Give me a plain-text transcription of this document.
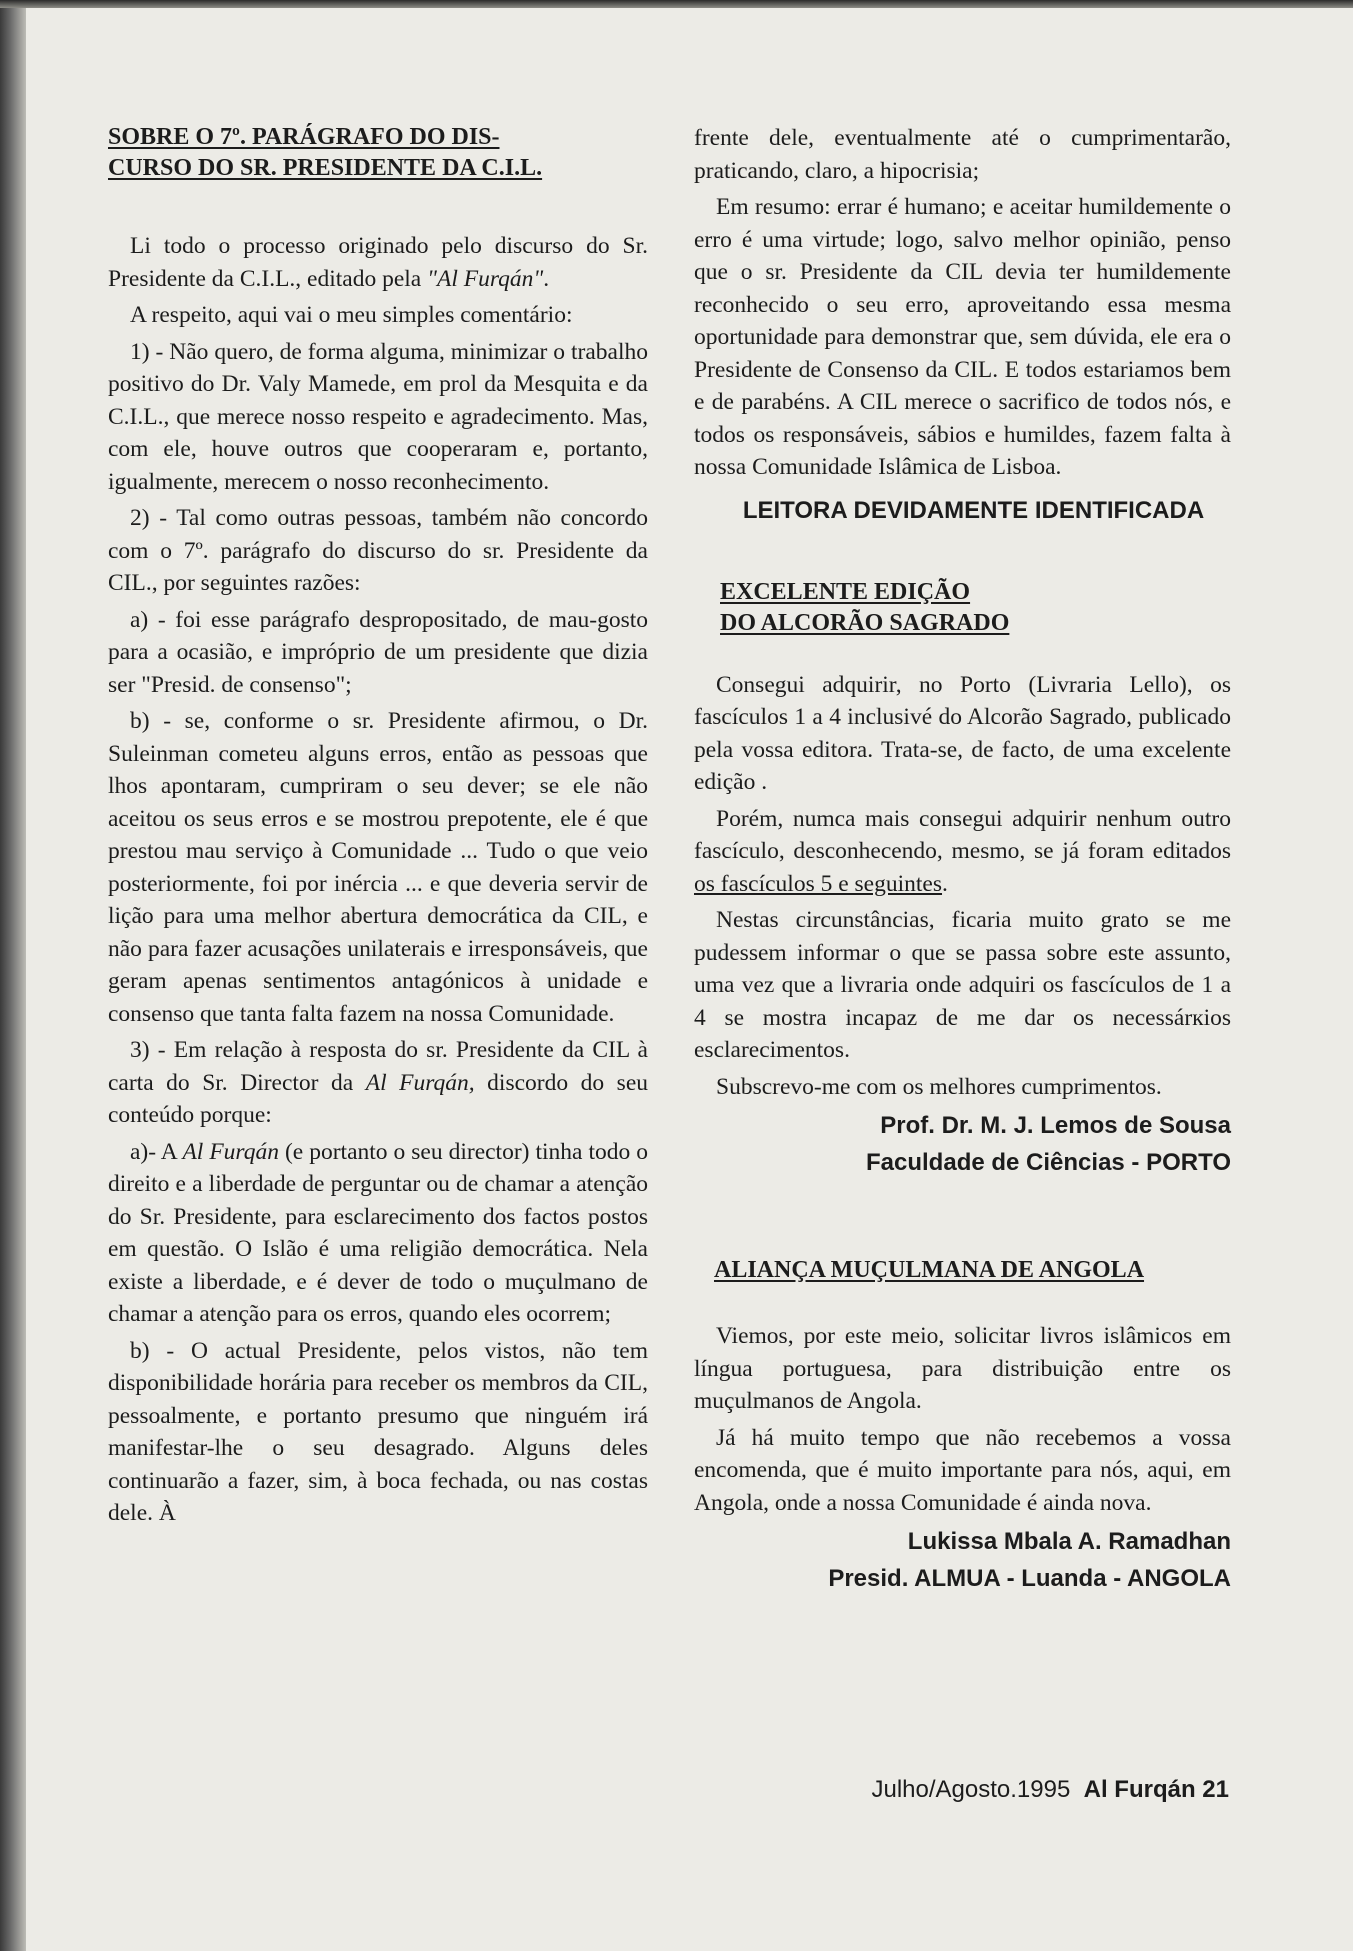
SOBRE O 7º. PARÁGRAFO DO DIS-
CURSO DO SR. PRESIDENTE DA C.I.L.

Li todo o processo originado pelo discurso do Sr. Presidente da C.I.L., editado pela "Al Furqán".

A respeito, aqui vai o meu simples comentário:

1) - Não quero, de forma alguma, minimizar o trabalho positivo do Dr. Valy Mamede, em prol da Mesquita e da C.I.L., que merece nosso respeito e agradecimento. Mas, com ele, houve outros que cooperaram e, portanto, igualmente, merecem o nosso reconhecimento.

2) - Tal como outras pessoas, também não concordo com o 7º. parágrafo do discurso do sr. Presidente da CIL., por seguintes razões:

a) - foi esse parágrafo despropositado, de mau-gosto para a ocasião, e impróprio de um presidente que dizia ser "Presid. de consenso";

b) - se, conforme o sr. Presidente afirmou, o Dr. Suleinman cometeu alguns erros, então as pessoas que lhos apontaram, cumpriram o seu dever; se ele não aceitou os seus erros e se mostrou prepotente, ele é que prestou mau serviço à Comunidade ... Tudo o que veio posteriormente, foi por inércia ... e que deveria servir de lição para uma melhor abertura democrática da CIL, e não para fazer acusações unilaterais e irresponsáveis, que geram apenas sentimentos antagónicos à unidade e consenso que tanta falta fazem na nossa Comunidade.

3) - Em relação à resposta do sr. Presidente da CIL à carta do Sr. Director da Al Furqán, discordo do seu conteúdo porque:

a)- A Al Furqán (e portanto o seu director) tinha todo o direito e a liberdade de perguntar ou de chamar a atenção do Sr. Presidente, para esclarecimento dos factos postos em questão. O Islão é uma religião democrática. Nela existe a liberdade, e é dever de todo o muçulmano de chamar a atenção para os erros, quando eles ocorrem;

b) - O actual Presidente, pelos vistos, não tem disponibilidade horária para receber os membros da CIL, pessoalmente, e portanto presumo que ninguém irá manifestar-lhe o seu desagrado. Alguns deles continuarão a fazer, sim, à boca fechada, ou nas costas dele. À

frente dele, eventualmente até o cumprimentarão, praticando, claro, a hipocrisia;

Em resumo: errar é humano; e aceitar humildemente o erro é uma virtude; logo, salvo melhor opinião, penso que o sr. Presidente da CIL devia ter humildemente reconhecido o seu erro, aproveitando essa mesma oportunidade para demonstrar que, sem dúvida, ele era o Presidente de Consenso da CIL. E todos estariamos bem e de parabéns. A CIL merece o sacrifico de todos nós, e todos os responsáveis, sábios e humildes, fazem falta à nossa Comunidade Islâmica de Lisboa.

LEITORA DEVIDAMENTE IDENTIFICADA

EXCELENTE EDIÇÃO
DO ALCORÃO SAGRADO

Consegui adquirir, no Porto (Livraria Lello), os fascículos 1 a 4 inclusivé do Alcorão Sagrado, publicado pela vossa editora. Trata-se, de facto, de uma excelente edição .

Porém, numca mais consegui adquirir nenhum outro fascículo, desconhecendo, mesmo, se já foram editados os fascículos 5 e seguintes.

Nestas circunstâncias, ficaria muito grato se me pudessem informar o que se passa sobre este assunto, uma vez que a livraria onde adquiri os fascículos de 1 a 4 se mostra incapaz de me dar os necessárкios esclarecimentos.

Subscrevo-me com os melhores cumprimentos.

Prof. Dr. M. J. Lemos de Sousa

Faculdade de Ciências - PORTO

ALIANÇA MUÇULMANA DE ANGOLA

Viemos, por este meio, solicitar livros islâmicos em língua portuguesa, para distribuição entre os muçulmanos de Angola.

Já há muito tempo que não recebemos a vossa encomenda, que é muito importante para nós, aqui, em Angola, onde a nossa Comunidade é ainda nova.

Lukissa Mbala A. Ramadhan

Presid. ALMUA - Luanda - ANGOLA

Julho/Agosto.1995 Al Furqán 21
